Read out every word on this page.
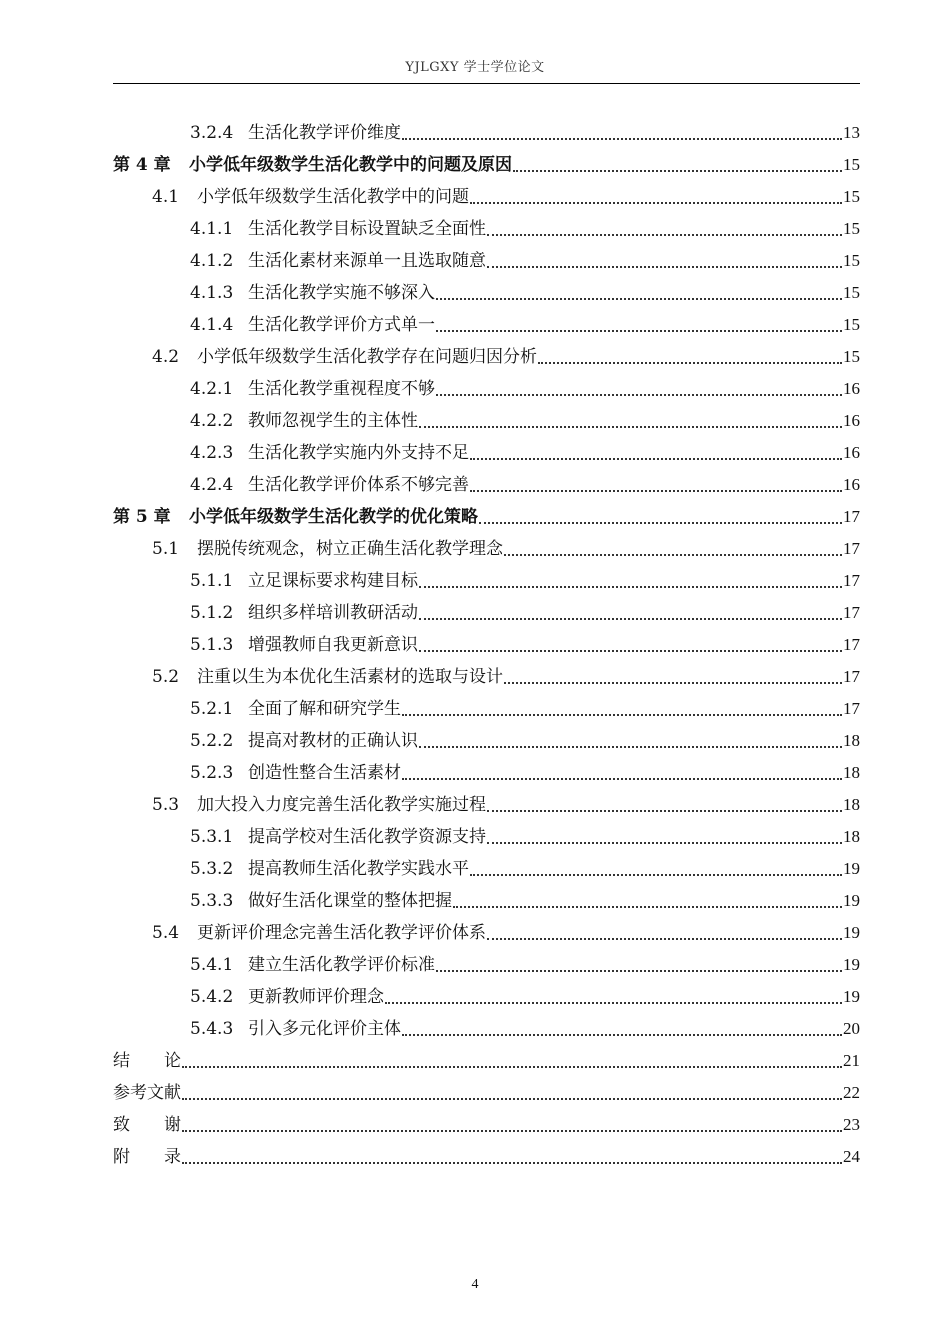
YJLGXY 学士学位论文
3.2.4 生活化教学评价维度	13
第 4 章	小学低年级数学生活化教学中的问题及原因	15
4.1	小学低年级数学生活化教学中的问题	15
4.1.1 生活化教学目标设置缺乏全面性	15
4.1.2 生活化素材来源单一且选取随意	15
4.1.3 生活化教学实施不够深入	15
4.1.4 生活化教学评价方式单一	15
4.2	小学低年级数学生活化教学存在问题归因分析	15
4.2.1 生活化教学重视程度不够	16
4.2.2 教师忽视学生的主体性	16
4.2.3 生活化教学实施内外支持不足	16
4.2.4 生活化教学评价体系不够完善	16
第 5 章	小学低年级数学生活化教学的优化策略	17
5.1	摆脱传统观念，树立正确生活化教学理念	17
5.1.1 立足课标要求构建目标	17
5.1.2 组织多样培训教研活动	17
5.1.3 增强教师自我更新意识	17
5.2	注重以生为本优化生活素材的选取与设计	17
5.2.1 全面了解和研究学生	17
5.2.2 提高对教材的正确认识	18
5.2.3 创造性整合生活素材	18
5.3	加大投入力度完善生活化教学实施过程	18
5.3.1 提高学校对生活化教学资源支持	18
5.3.2 提高教师生活化教学实践水平	19
5.3.3 做好生活化课堂的整体把握	19
5.4	更新评价理念完善生活化教学评价体系	19
5.4.1 建立生活化教学评价标准	19
5.4.2 更新教师评价理念	19
5.4.3 引入多元化评价主体	20
结　　论	21
参考文献	22
致　　谢	23
附　　录	24
4
